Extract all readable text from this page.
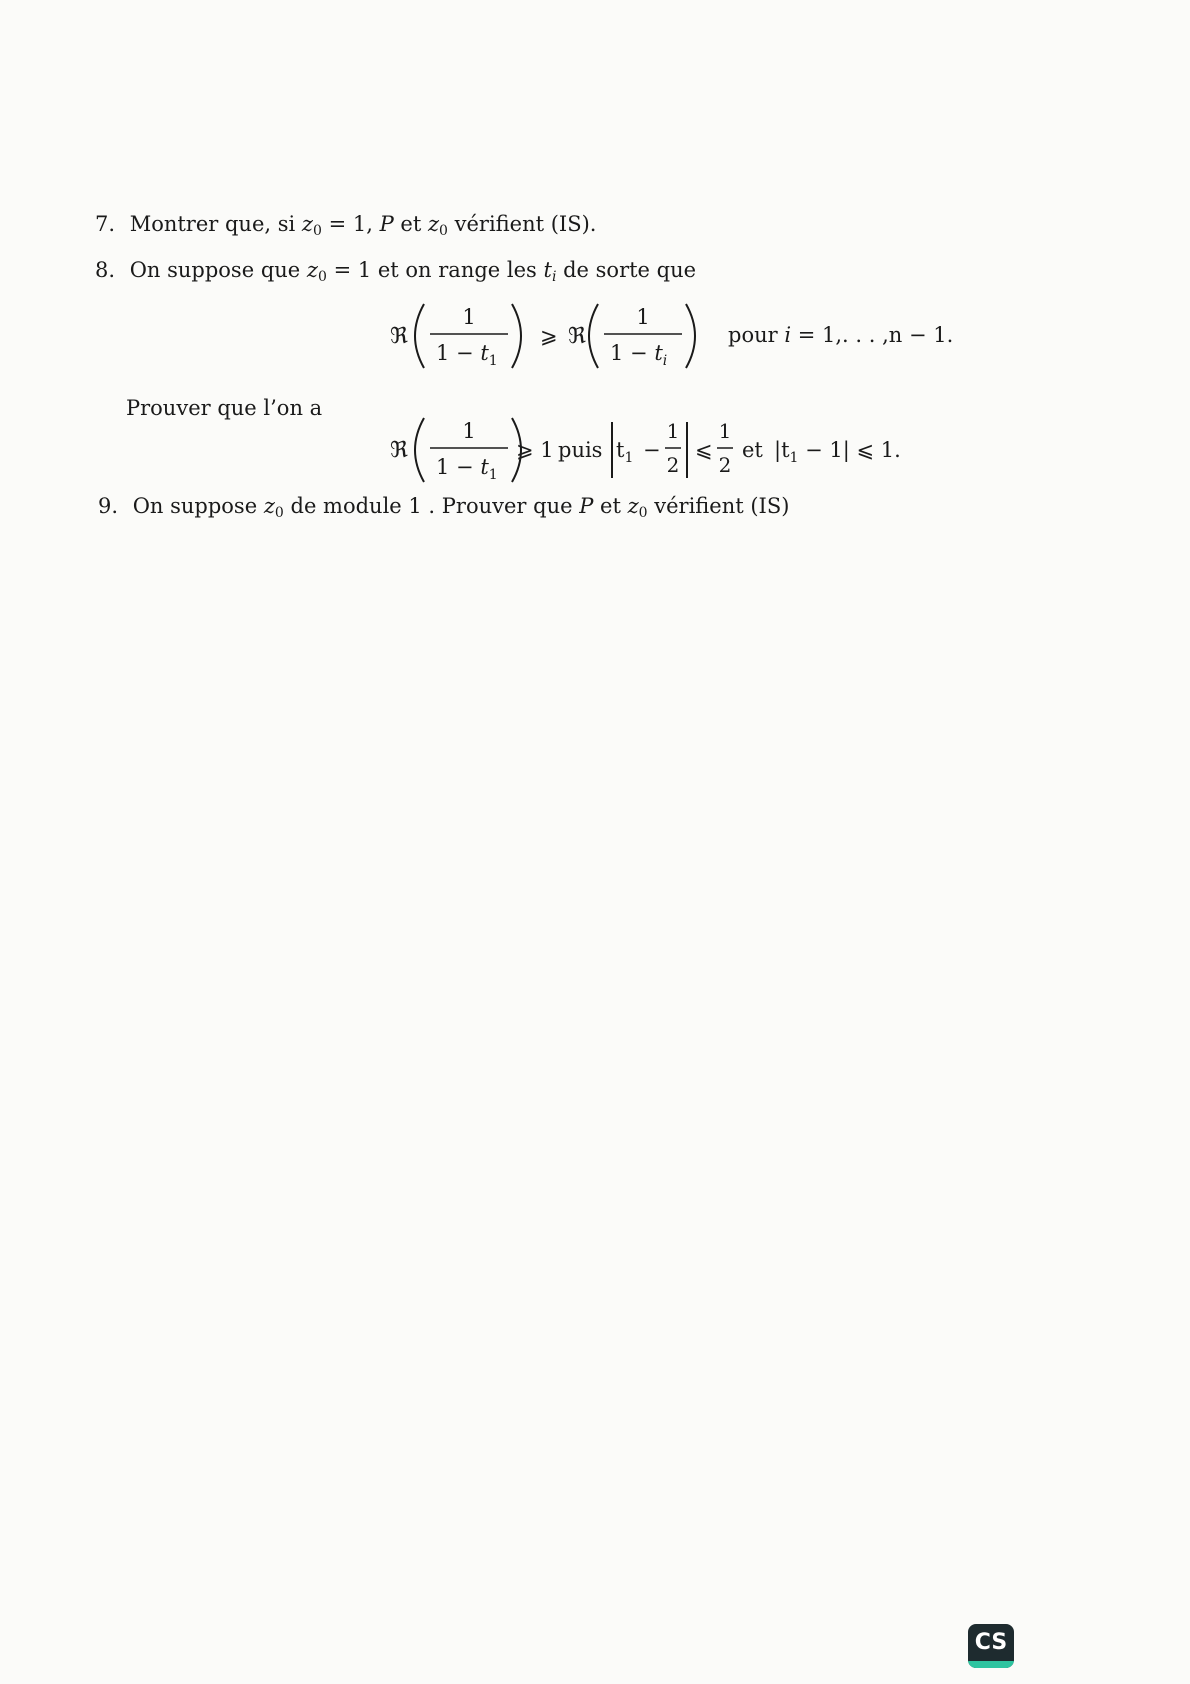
7. Montrer que, si $z_0 = 1$, P et $z_0$ vérifient (IS).
8. On suppose que $z_0 = 1$ et on range les $t_i$ de sorte que
ℜ
1
$1 - t_1$
⩾ ℜ
1
$1 - t_i$
pour i = 1,. . . ,n − 1.
Prouver que l’on a
ℜ
1
$1 - t_1$
⩾ 1 puis $t_1$ −
1
2
⩽
1
2
et $|t_1 - 1|$ ⩽ 1.
9. On suppose $z_0$ de module 1 . Prouver que P et $z_0$ vérifient (IS)
CS
